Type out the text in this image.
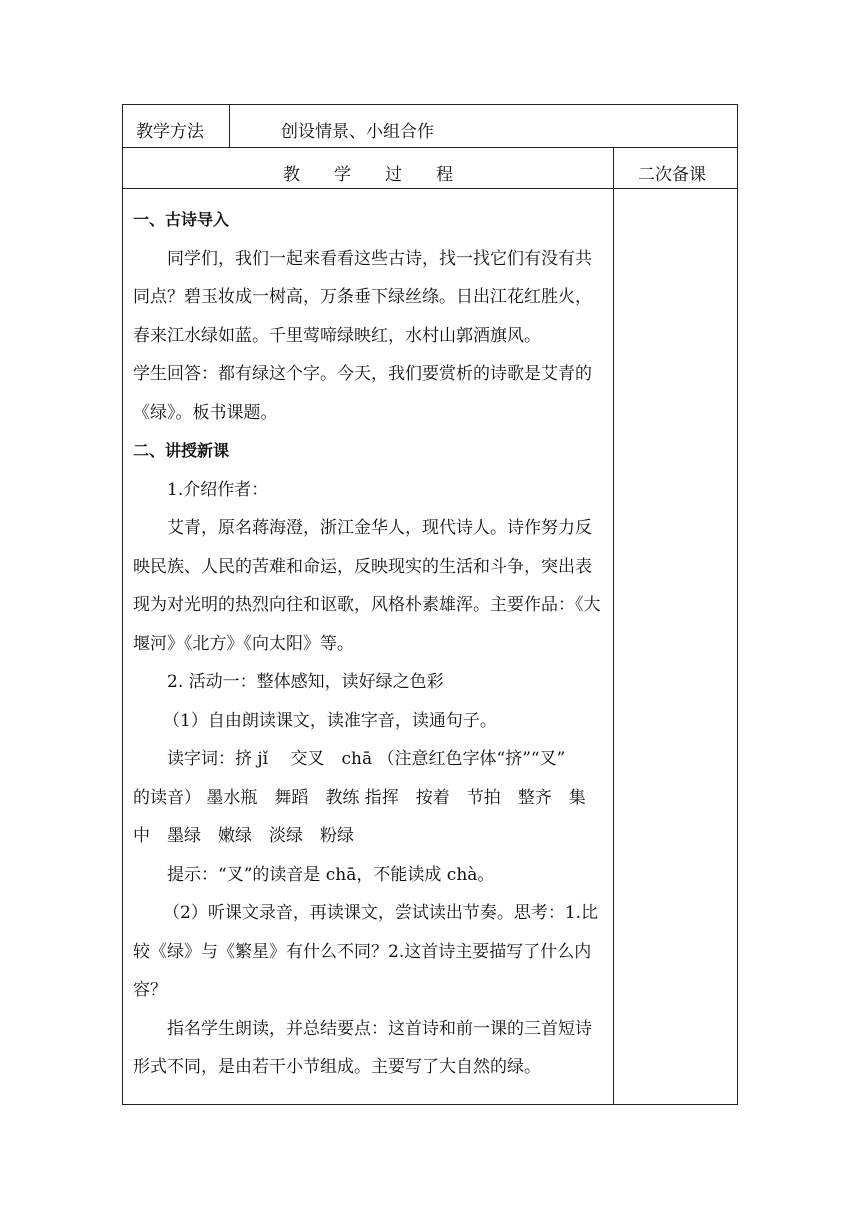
教学方法	创设情景、小组合作
教　　学　　过　　程	二次备课

一、古诗导入

同学们，我们一起来看看这些古诗，找一找它们有没有共

同点？碧玉妆成一树高，万条垂下绿丝绦。日出江花红胜火，

春来江水绿如蓝。千里莺啼绿映红，水村山郭酒旗风。

学生回答：都有绿这个字。今天，我们要赏析的诗歌是艾青的

《绿》。板书课题。

二、讲授新课

1.介绍作者：

艾青，原名蒋海澄，浙江金华人，现代诗人。诗作努力反

映民族、人民的苦难和命运，反映现实的生活和斗争，突出表

现为对光明的热烈向往和讴歌，风格朴素雄浑。主要作品：《大

堰河》《北方》《向太阳》等。

2. 活动一：整体感知，读好绿之色彩

（1）自由朗读课文，读准字音，读通句子。

读字词：挤 jǐ　 交叉　chā （注意红色字体“挤”“叉”

的读音） 墨水瓶　舞蹈　教练 指挥　按着　节拍　整齐　集

中　墨绿　嫩绿　淡绿　粉绿

提示：“叉”的读音是 chā，不能读成 chà。

（2）听课文录音，再读课文，尝试读出节奏。思考：1.比

较《绿》与《繁星》有什么不同？2.这首诗主要描写了什么内

容？

指名学生朗读，并总结要点：这首诗和前一课的三首短诗

形式不同，是由若干小节组成。主要写了大自然的绿。
